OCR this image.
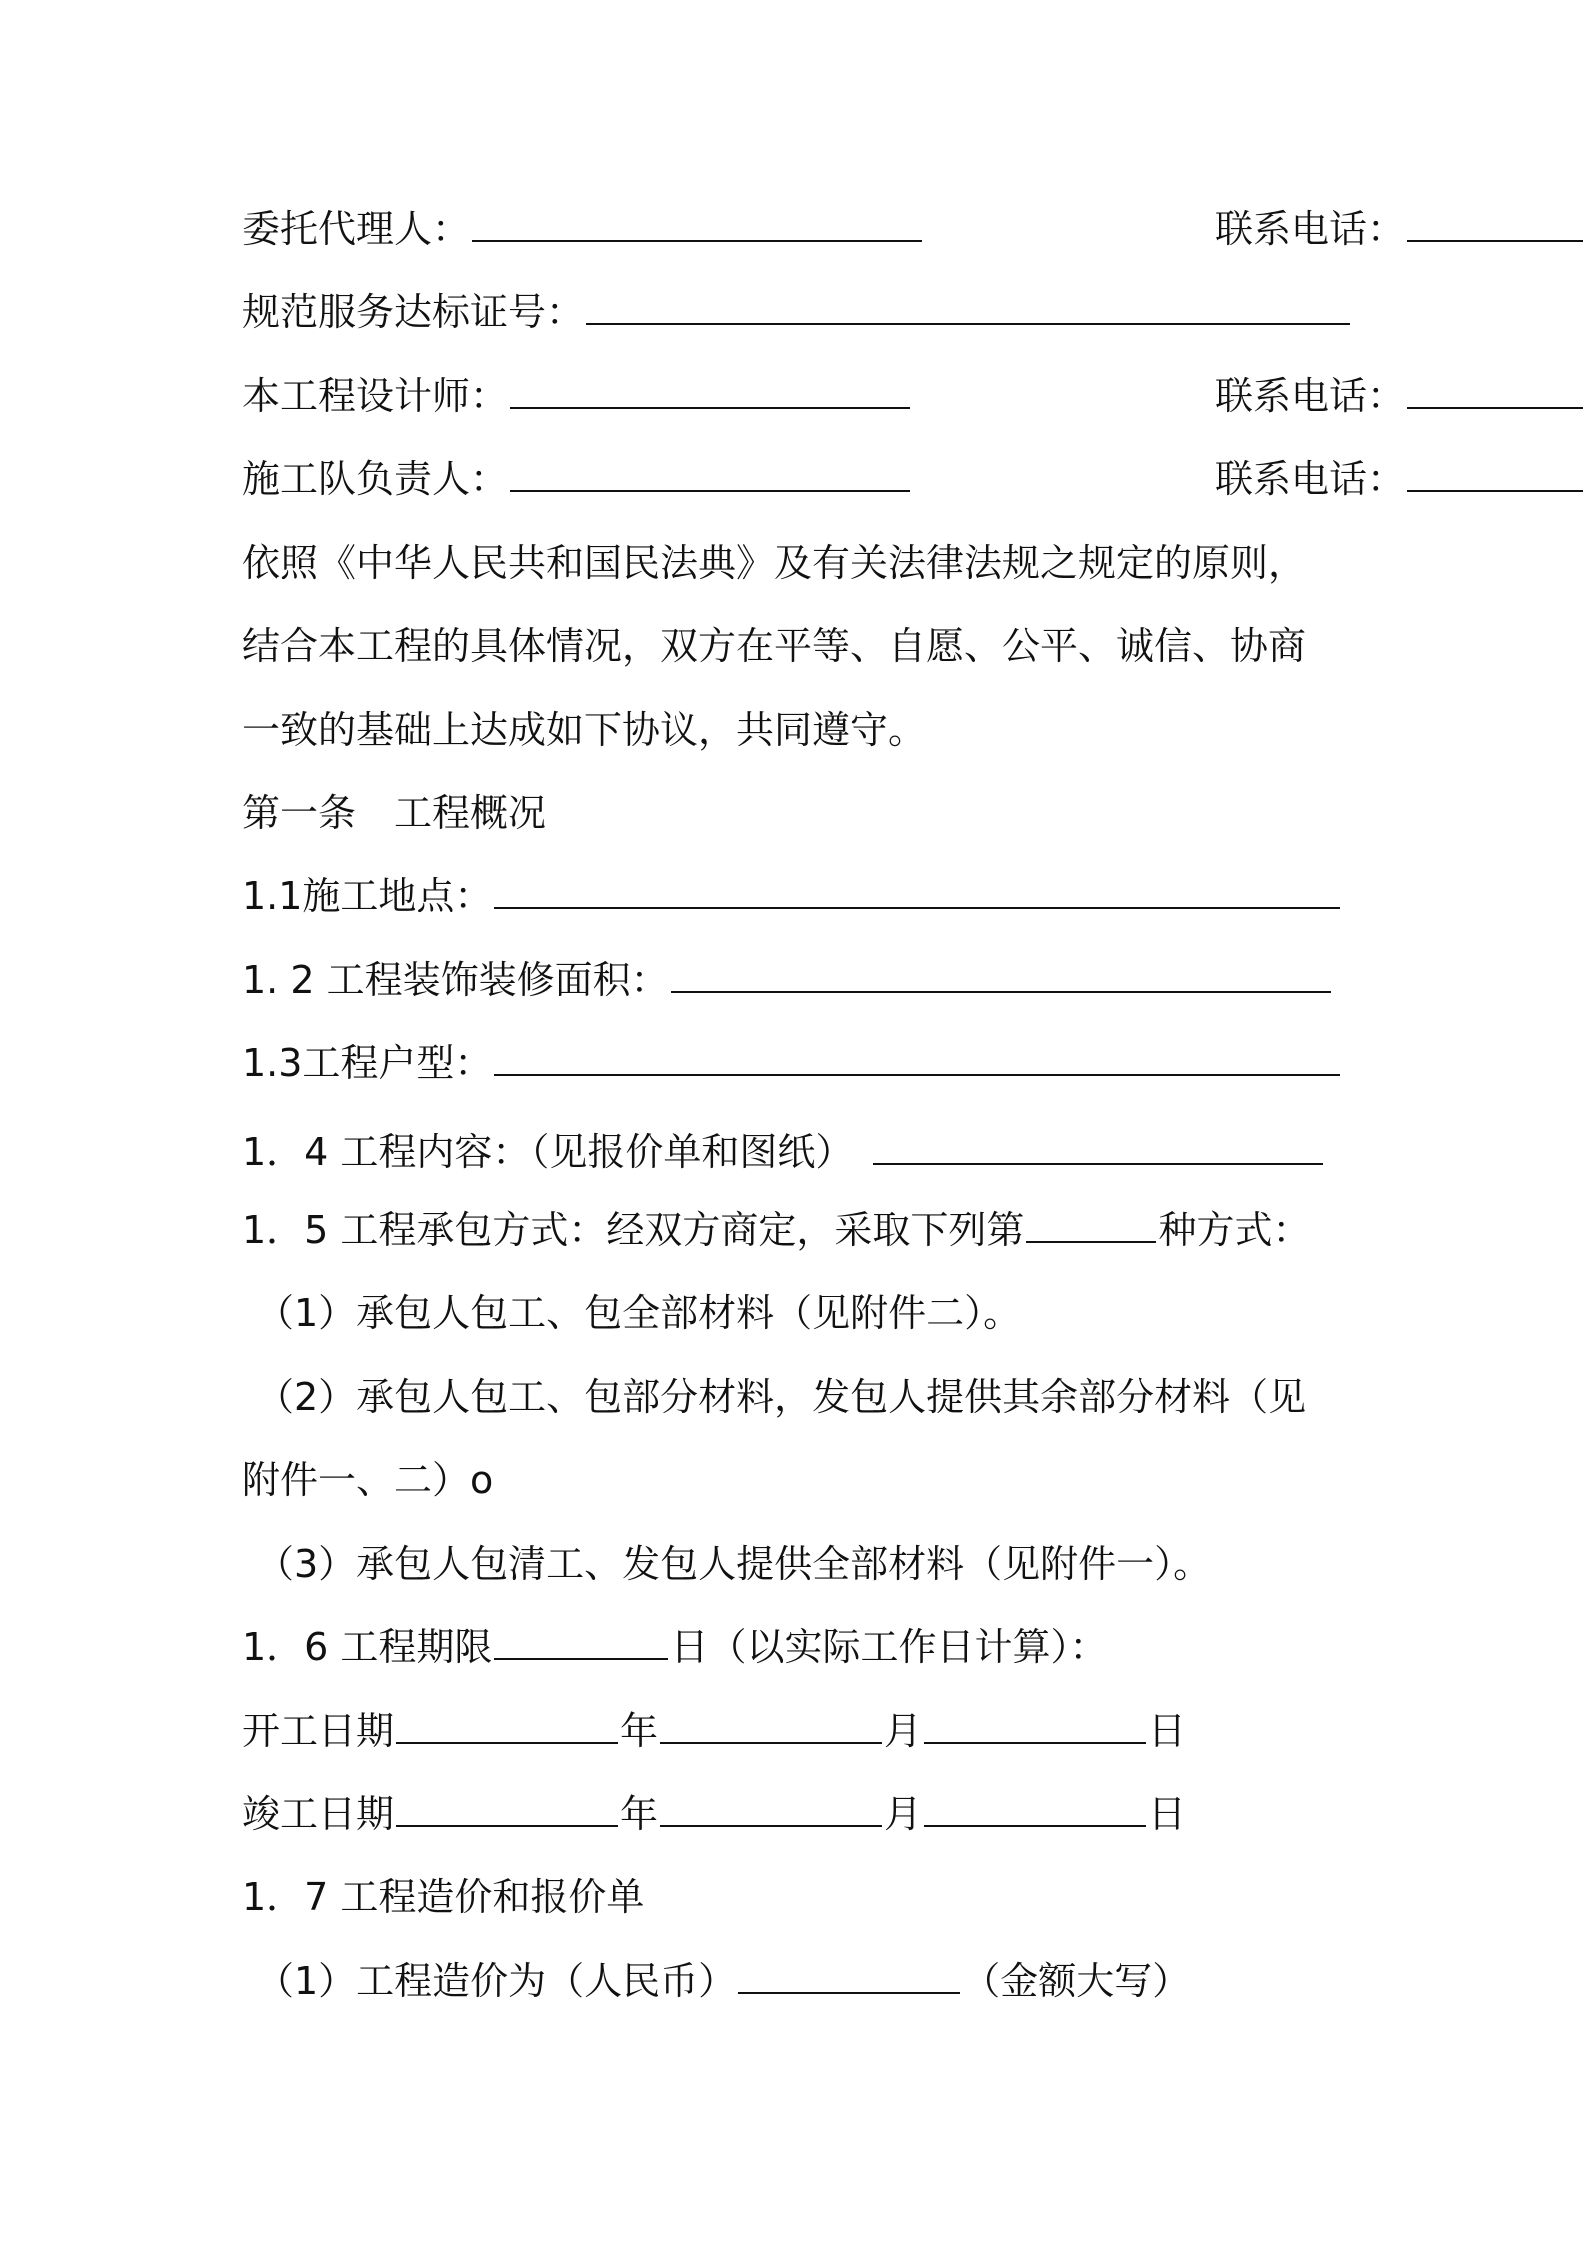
委托代理人：	联系电话：
规范服务达标证号：
本工程设计师：	联系电话：
施工队负责人：	联系电话：
依照《中华人民共和国民法典》及有关法律法规之规定的原则，
结合本工程的具体情况，双方在平等、自愿、公平、诚信、协商
一致的基础上达成如下协议，共同遵守。
第一条　工程概况
1.1施工地点：
1. 2 工程装饰装修面积：
1.3工程户型：
1．4 工程内容：（见报价单和图纸）
1．5 工程承包方式：经双方商定，采取下列第	种方式：
（1）承包人包工、包全部材料（见附件二）。
（2）承包人包工、包部分材料，发包人提供其余部分材料（见
附件一、二）o
（3）承包人包清工、发包人提供全部材料（见附件一）。
1．6 工程期限	日（以实际工作日计算）：
开工日期	年	月	日
竣工日期	年	月	日
1．7 工程造价和报价单
（1）工程造价为（人民币）	（金额大写）
